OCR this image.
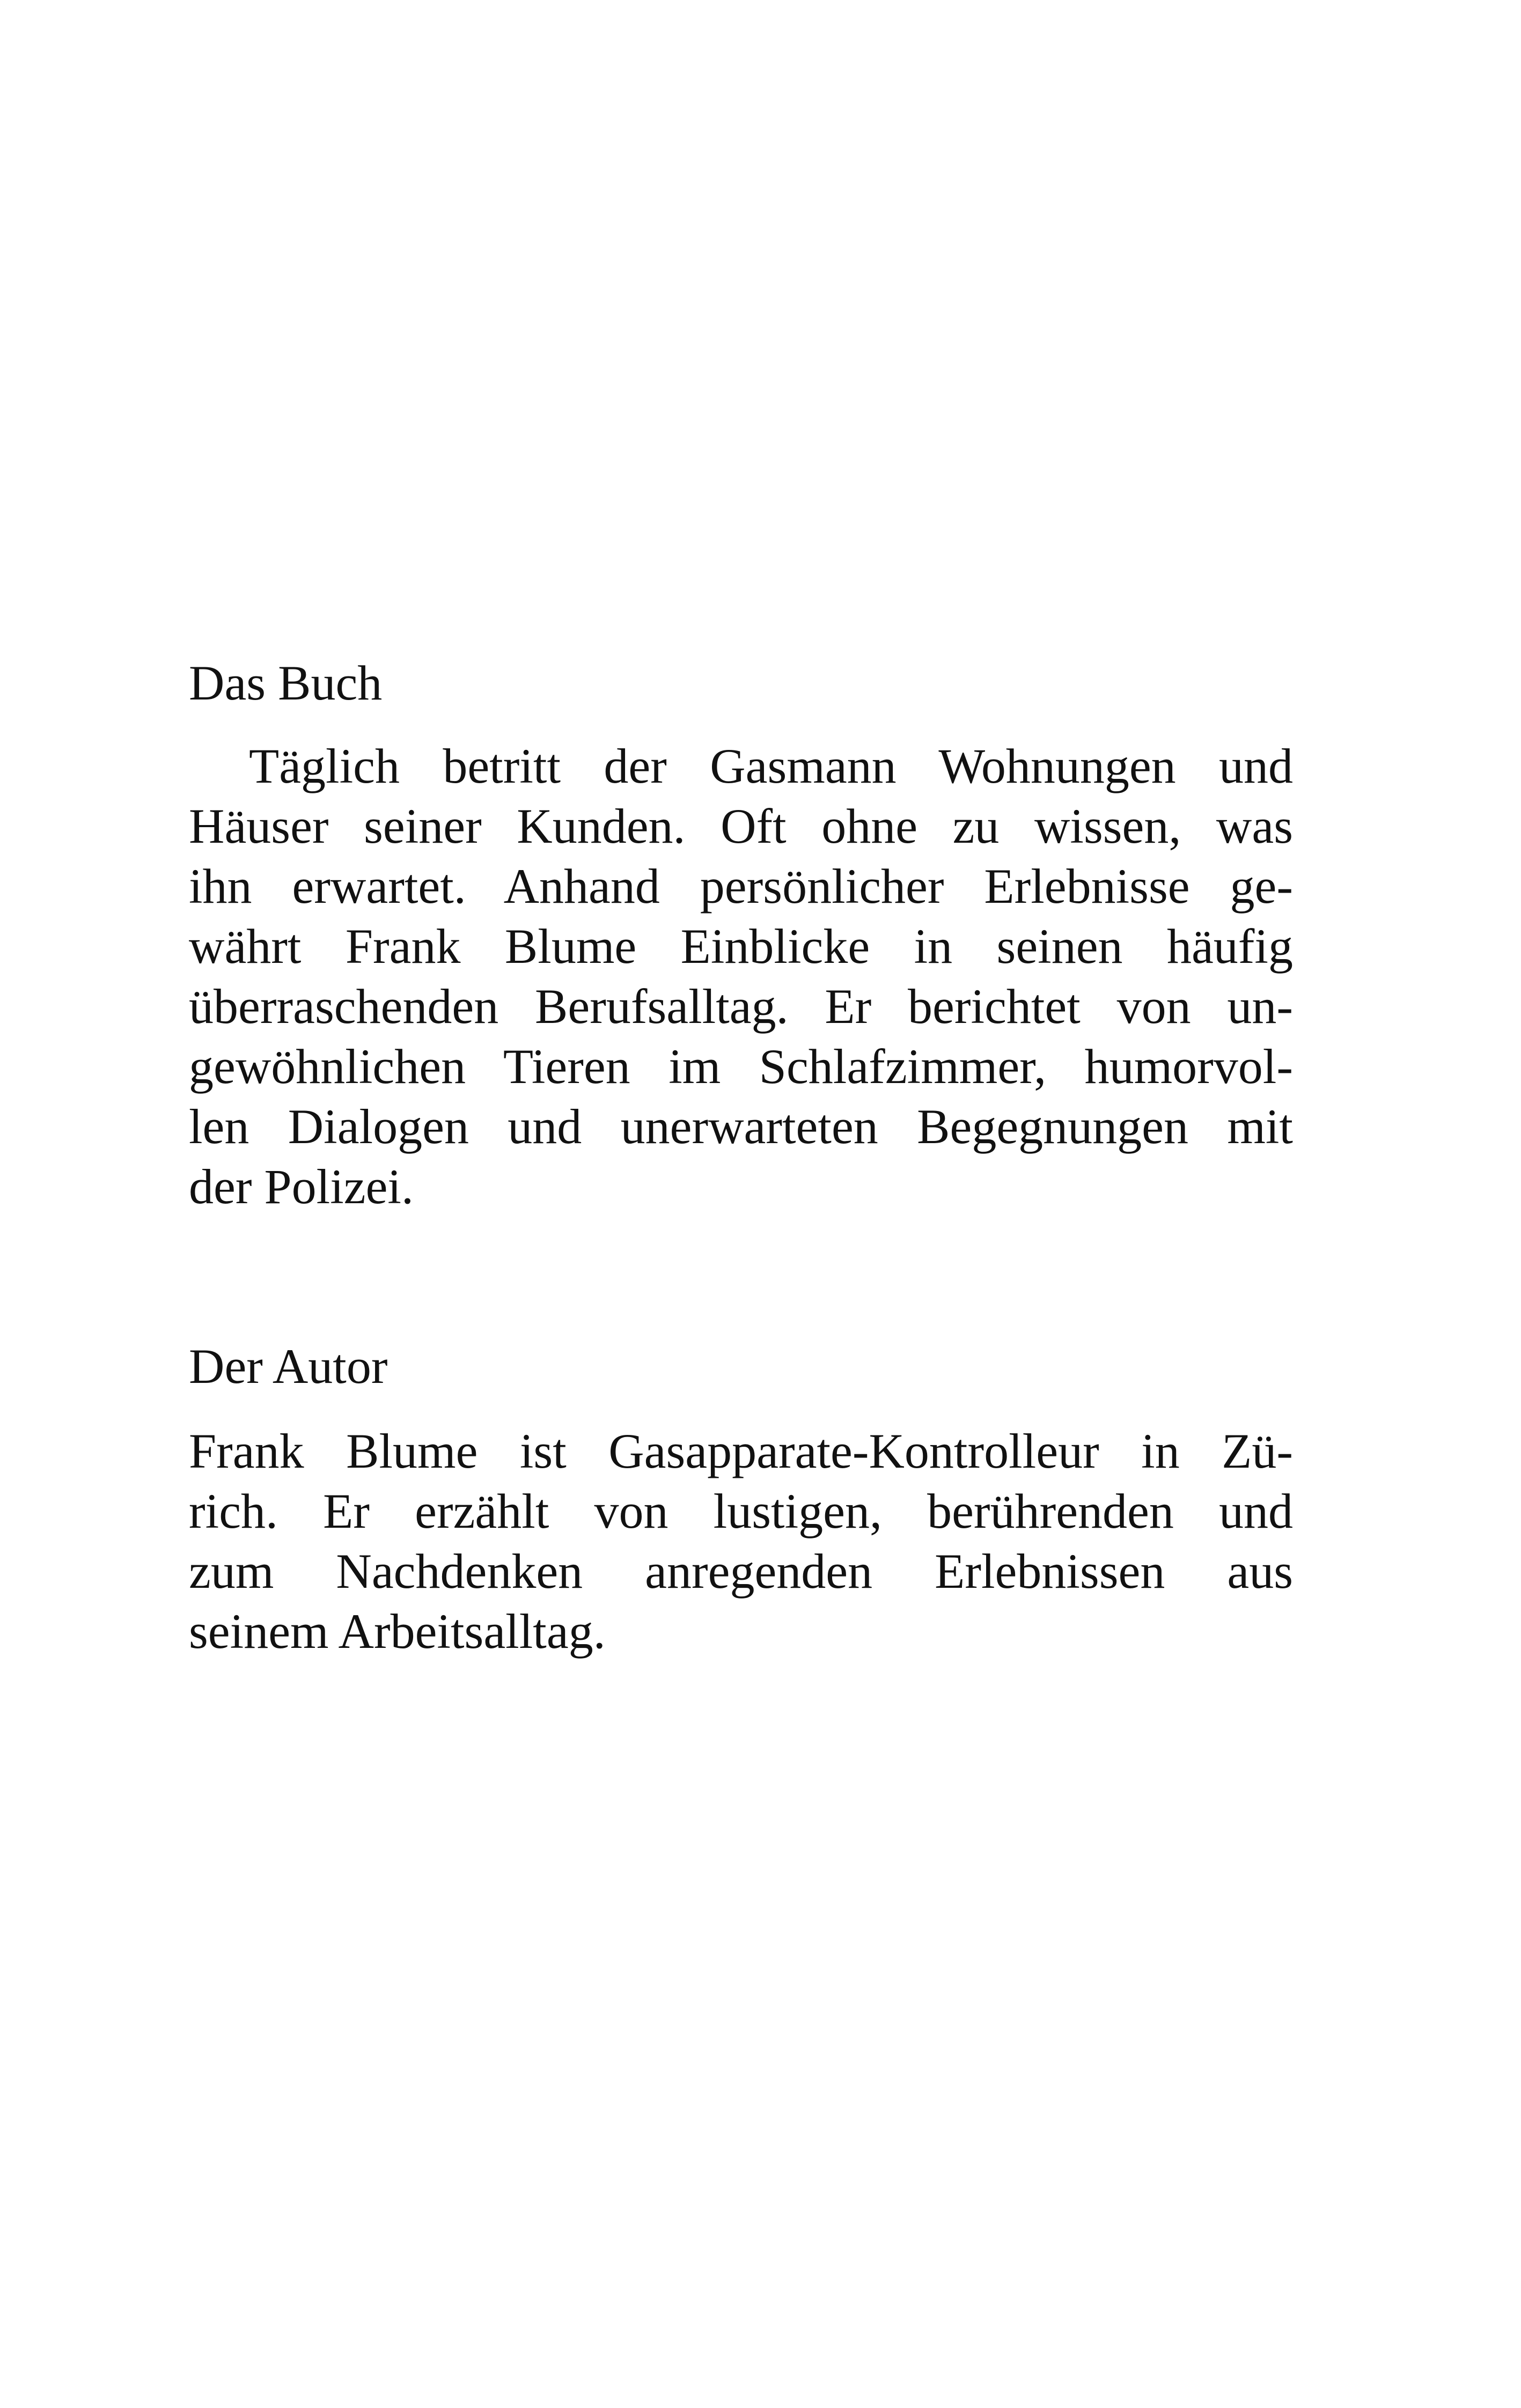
Das Buch
Täglich betritt der Gasmann Wohnungen und
Häuser seiner Kunden. Oft ohne zu wissen, was
ihn erwartet. Anhand persönlicher Erlebnisse ge-
währt Frank Blume Einblicke in seinen häufig
überraschenden Berufsalltag. Er berichtet von un-
gewöhnlichen Tieren im Schlafzimmer, humorvol-
len Dialogen und unerwarteten Begegnungen mit
der Polizei.
Der Autor
Frank Blume ist Gasapparate-Kontrolleur in Zü-
rich. Er erzählt von lustigen, berührenden und
zum Nachdenken anregenden Erlebnissen aus
seinem Arbeitsalltag.
